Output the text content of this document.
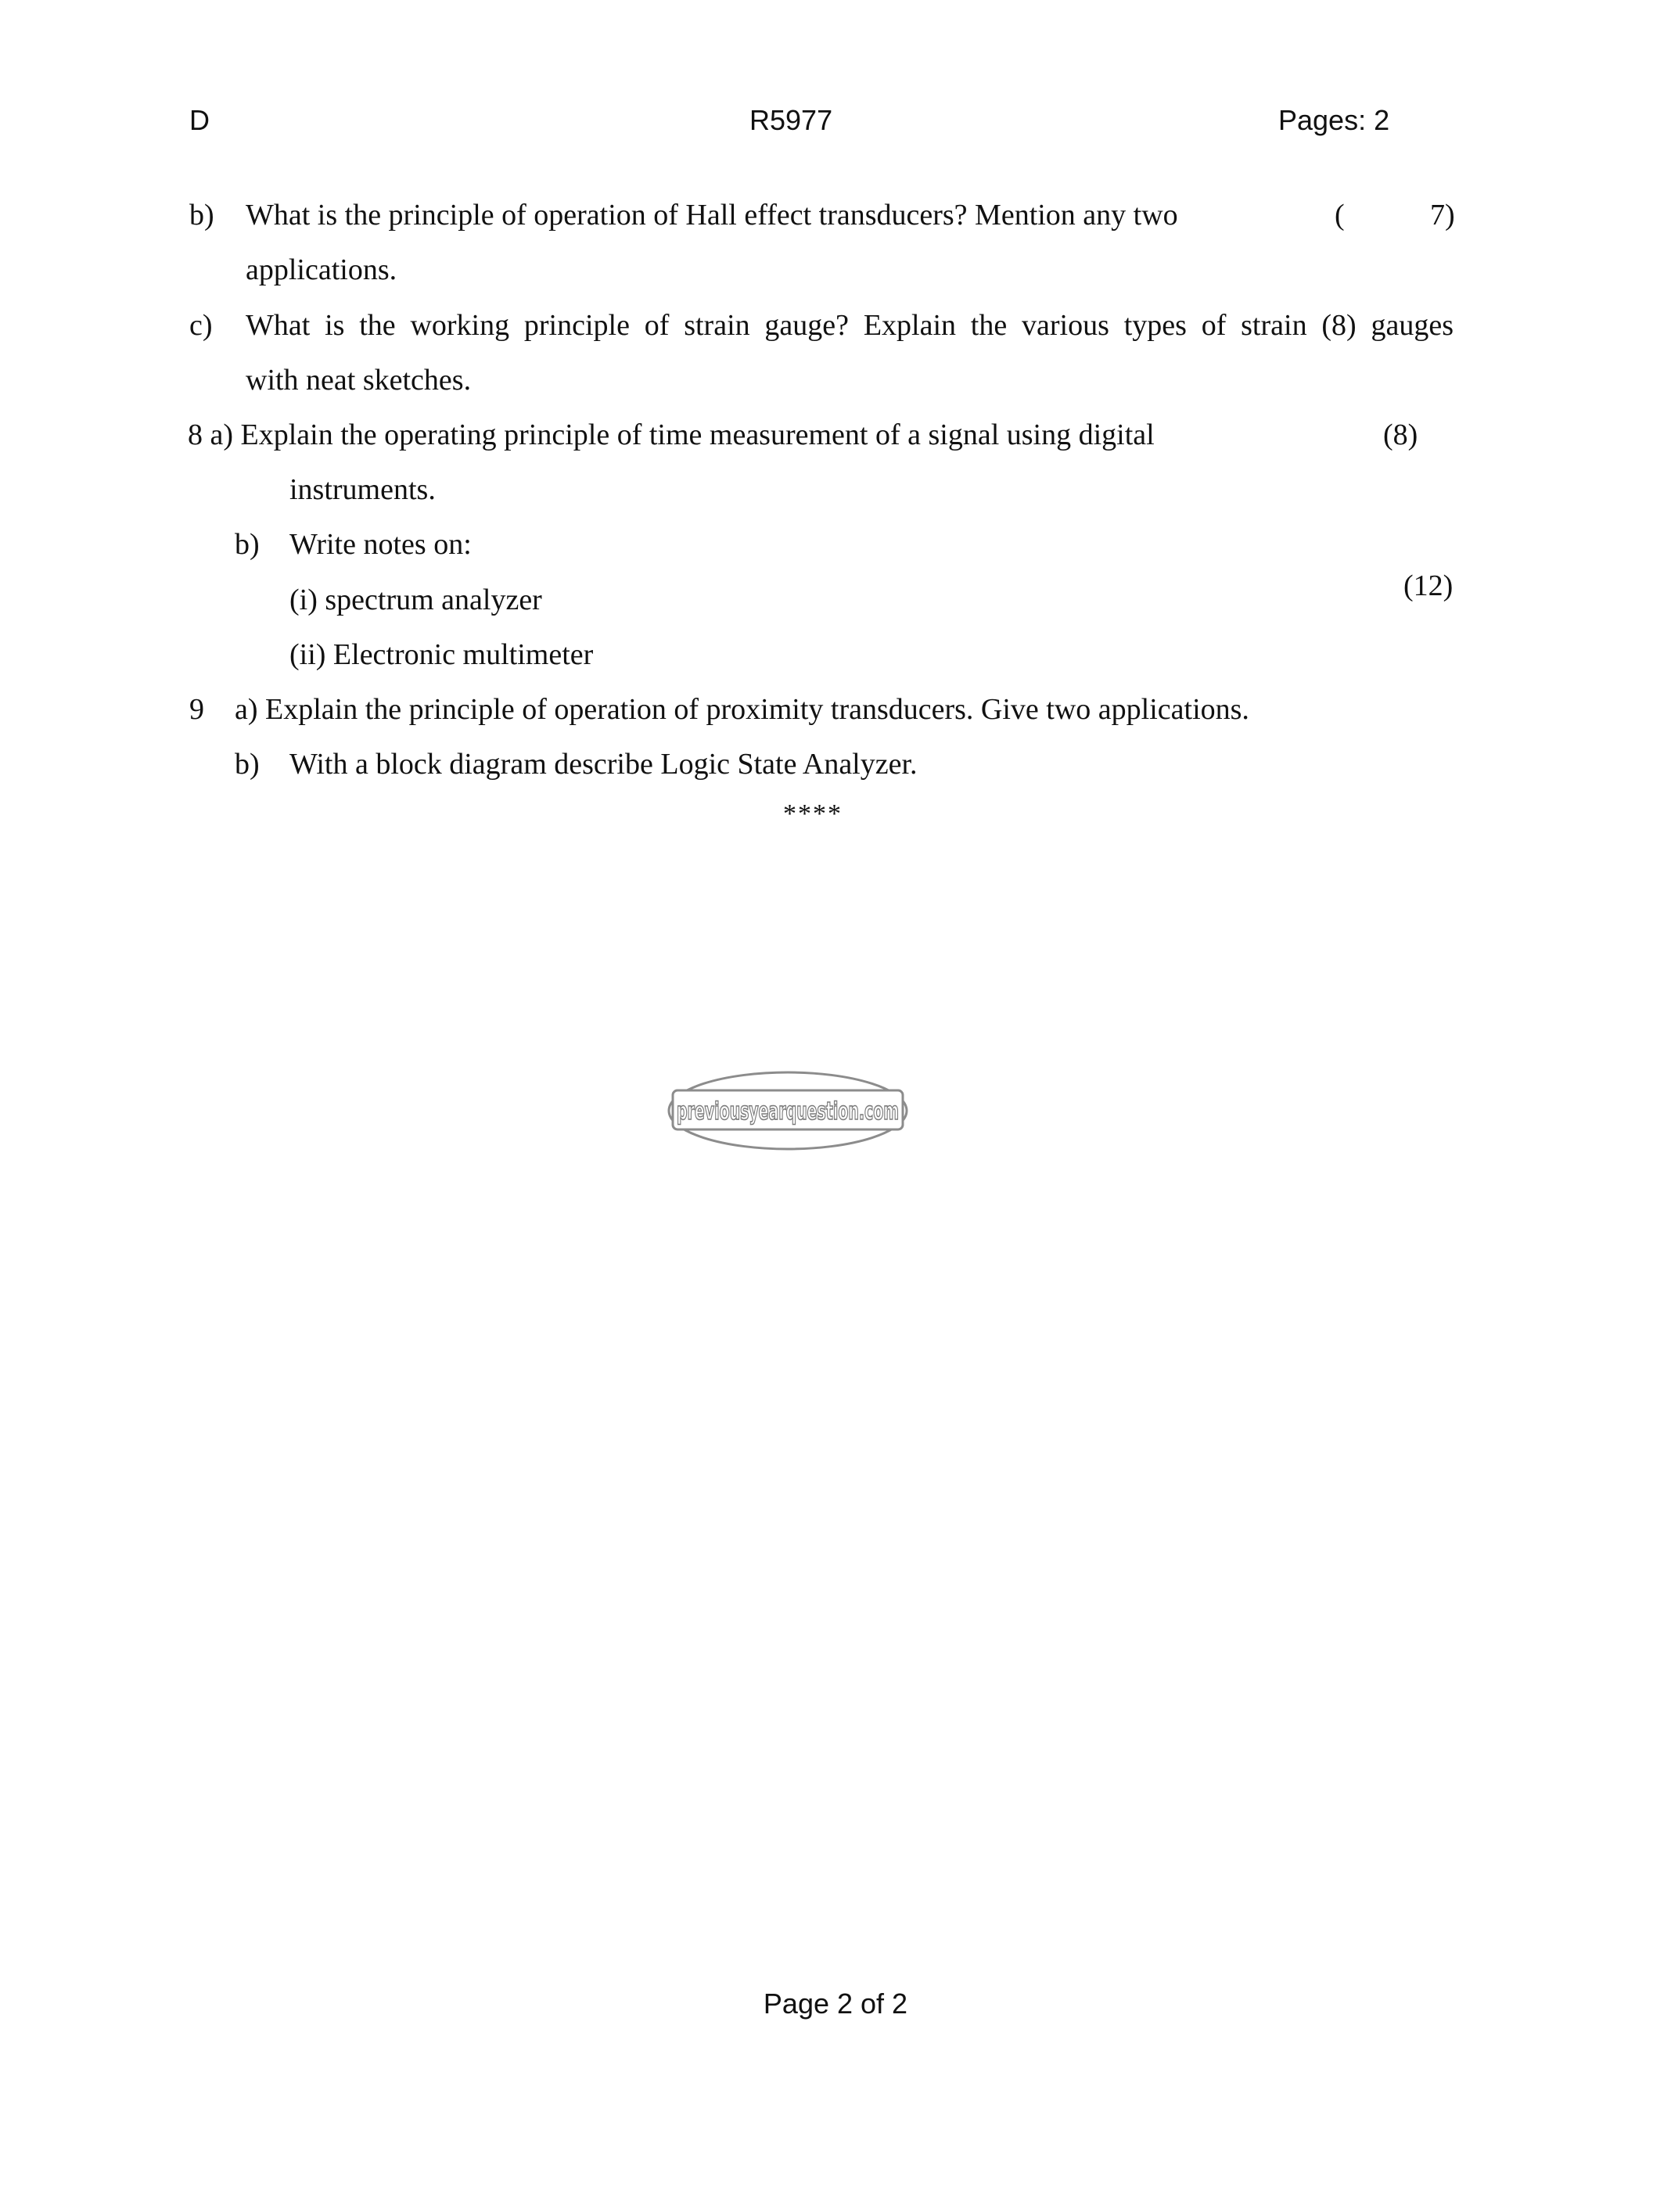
D	R5977	Pages: 2
b) What is the principle of operation of Hall effect transducers? Mention any two	(	7)
applications.
c) What is the working principle of strain gauge? Explain the various types of strain (8) gauges
with neat sketches.
8 a) Explain the operating principle of time measurement of a signal using digital	(8)
instruments.
b) Write notes on:
(i) spectrum analyzer	(12)
(ii) Electronic multimeter
9 a) Explain the principle of operation of proximity transducers. Give two applications.
b) With a block diagram describe Logic State Analyzer.
****
previousyearquestion.com
Page 2 of 2
